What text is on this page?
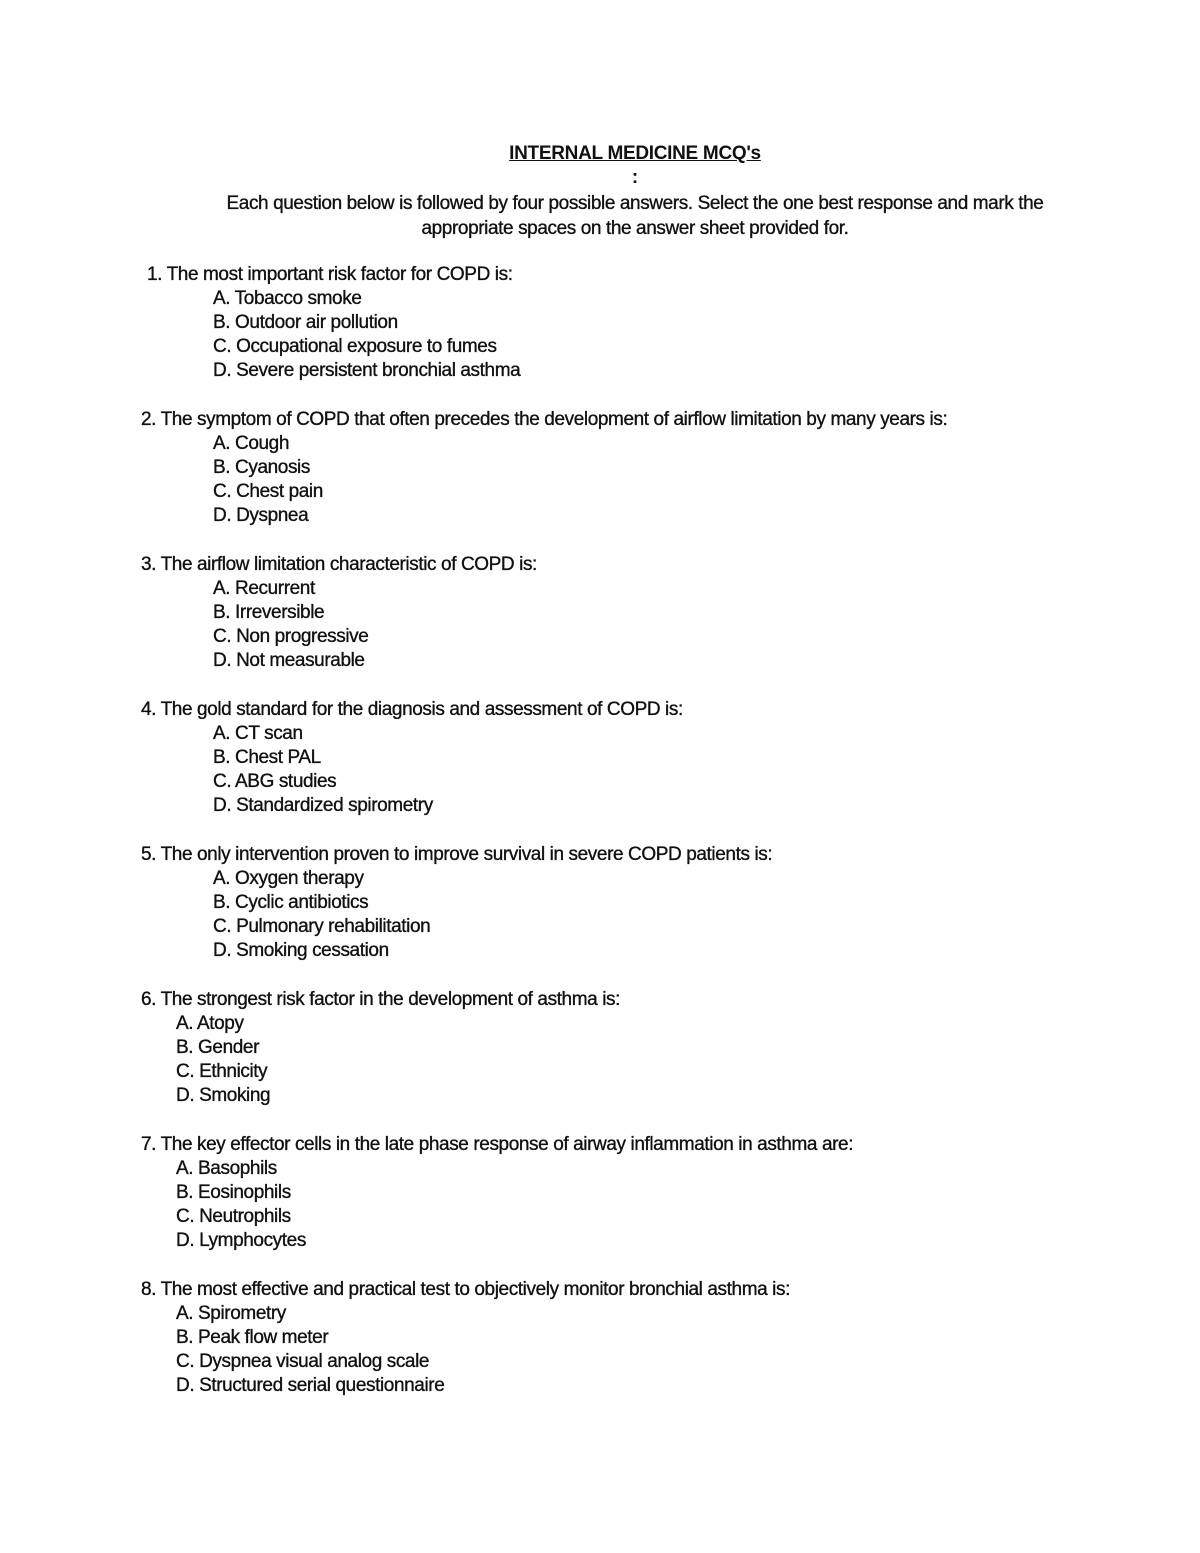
INTERNAL MEDICINE MCQ's
:
Each question below is followed by four possible answers. Select the one best response and mark the appropriate spaces on the answer sheet provided for.
1. The most important risk factor for COPD is:
A. Tobacco smoke
B. Outdoor air pollution
C. Occupational exposure to fumes
D. Severe persistent bronchial asthma
2. The symptom of COPD that often precedes the development of airflow limitation by many years is:
A. Cough
B. Cyanosis
C. Chest pain
D. Dyspnea
3. The airflow limitation characteristic of COPD is:
A. Recurrent
B. Irreversible
C. Non progressive
D. Not measurable
4. The gold standard for the diagnosis and assessment of COPD is:
A. CT scan
B. Chest PAL
C. ABG studies
D. Standardized spirometry
5. The only intervention proven to improve survival in severe COPD patients is:
A. Oxygen therapy
B. Cyclic antibiotics
C. Pulmonary rehabilitation
D. Smoking cessation
6. The strongest risk factor in the development of asthma is:
A. Atopy
B. Gender
C. Ethnicity
D. Smoking
7. The key effector cells in the late phase response of airway inflammation in asthma are:
A. Basophils
B. Eosinophils
C. Neutrophils
D. Lymphocytes
8. The most effective and practical test to objectively monitor bronchial asthma is:
A. Spirometry
B. Peak flow meter
C. Dyspnea visual analog scale
D. Structured serial questionnaire
